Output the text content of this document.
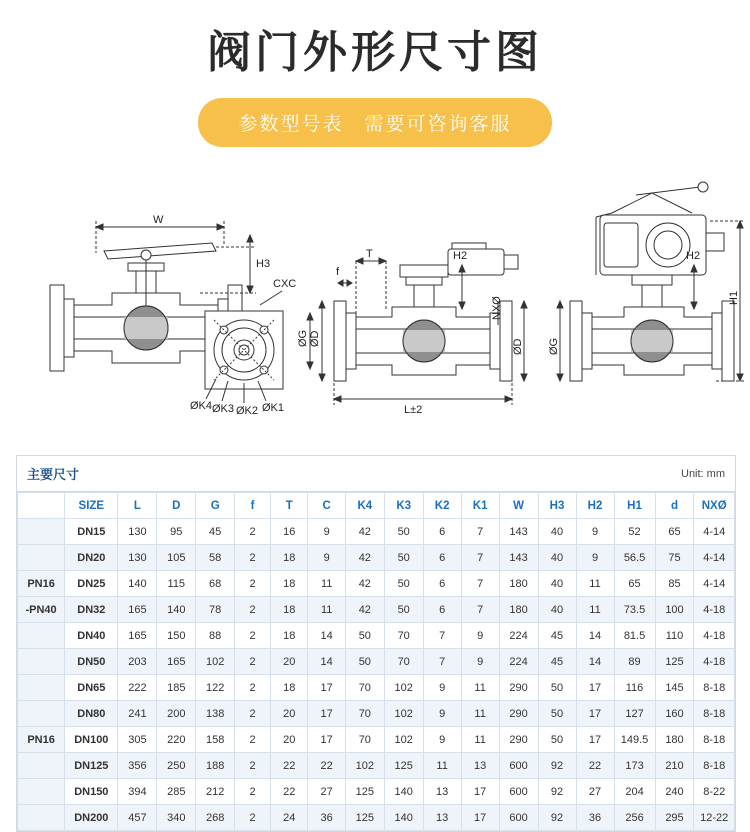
阀门外形尺寸图
参数型号表　需要可咨询客服
W
H3
CXC
ØK4 ØK3 ØK2 ØK1
T
f
H2
ØD
ØG
L±2
NXØ
ØD
H2
H1
ØG
主要尺寸	Unit: mm
	SIZE	L	D	G	f	T	C	K4	K3	K2	K1	W	H3	H2	H1	d	NXØ
	DN15	130	95	45	2	16	9	42	50	6	7	143	40	9	52	65	4-14
	DN20	130	105	58	2	18	9	42	50	6	7	143	40	9	56.5	75	4-14
PN16	DN25	140	115	68	2	18	11	42	50	6	7	180	40	11	65	85	4-14
-PN40	DN32	165	140	78	2	18	11	42	50	6	7	180	40	11	73.5	100	4-18
	DN40	165	150	88	2	18	14	50	70	7	9	224	45	14	81.5	110	4-18
	DN50	203	165	102	2	20	14	50	70	7	9	224	45	14	89	125	4-18
	DN65	222	185	122	2	18	17	70	102	9	11	290	50	17	116	145	8-18
	DN80	241	200	138	2	20	17	70	102	9	11	290	50	17	127	160	8-18
PN16	DN100	305	220	158	2	20	17	70	102	9	11	290	50	17	149.5	180	8-18
	DN125	356	250	188	2	22	22	102	125	11	13	600	92	22	173	210	8-18
	DN150	394	285	212	2	22	27	125	140	13	17	600	92	27	204	240	8-22
	DN200	457	340	268	2	24	36	125	140	13	17	600	92	36	256	295	12-22
